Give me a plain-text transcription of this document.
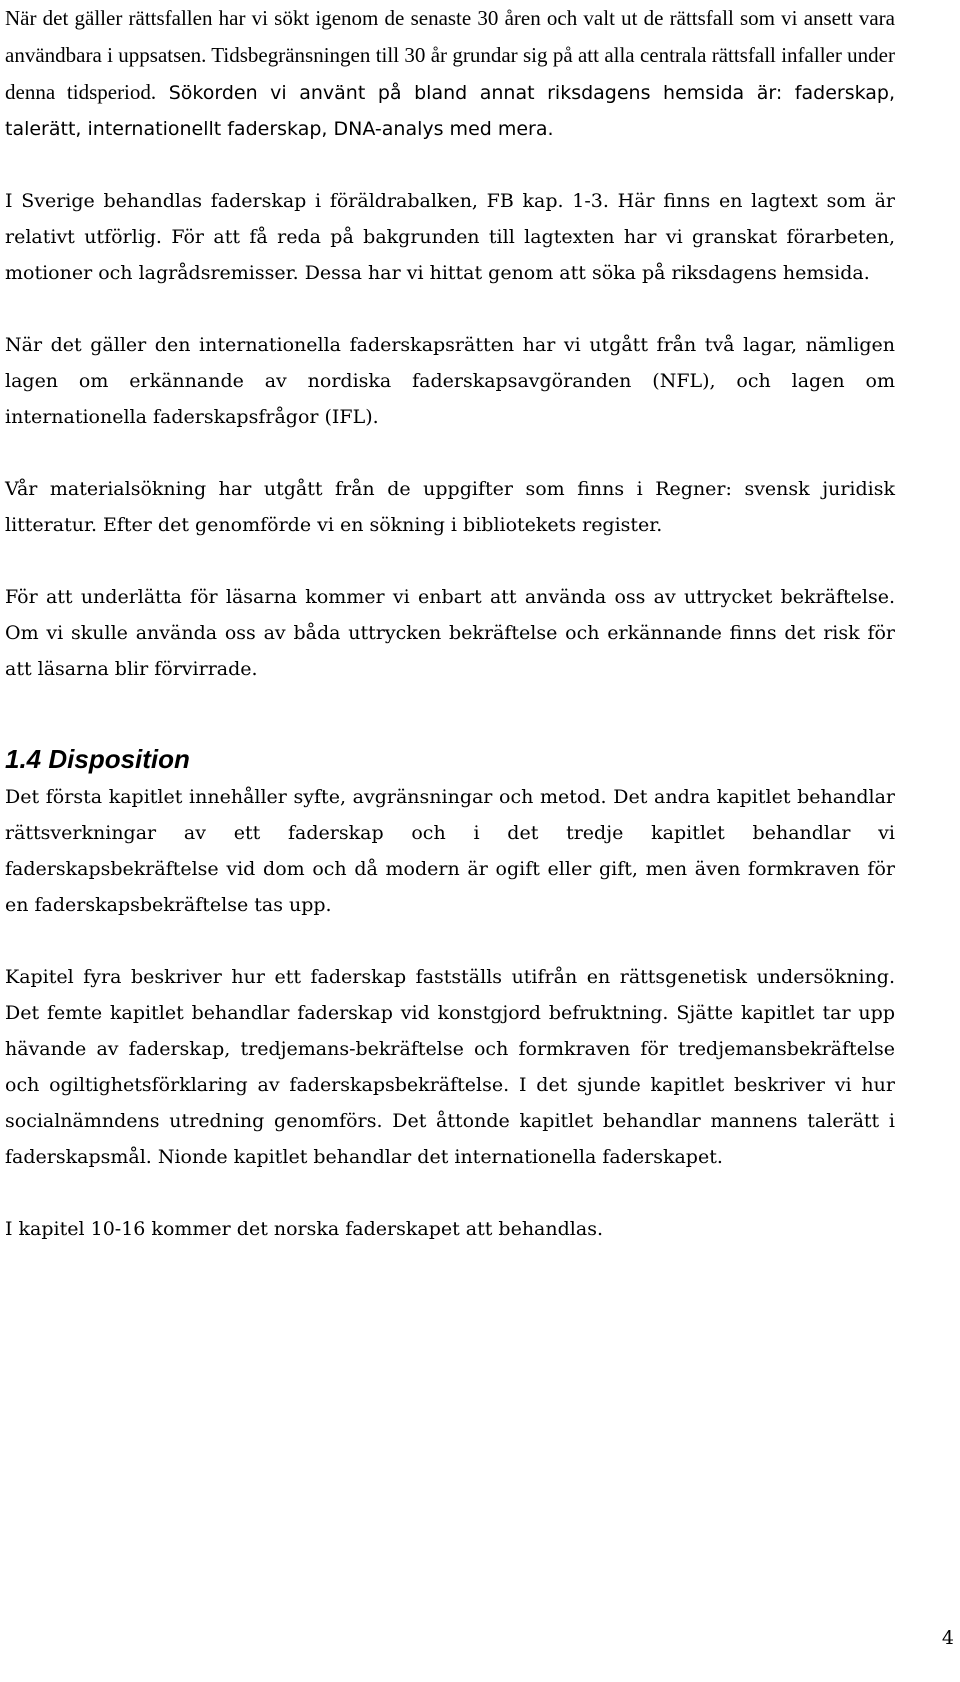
När det gäller rättsfallen har vi sökt igenom de senaste 30 åren och valt ut de rättsfall som vi ansett vara användbara i uppsatsen. Tidsbegränsningen till 30 år grundar sig på att alla centrala rättsfall infaller under denna tidsperiod. Sökorden vi använt på bland annat riksdagens hemsida är: faderskap, talerätt, internationellt faderskap, DNA-analys med mera.

I Sverige behandlas faderskap i föräldrabalken, FB kap. 1-3. Här finns en lagtext som är relativt utförlig. För att få reda på bakgrunden till lagtexten har vi granskat förarbeten, motioner och lagrådsremisser. Dessa har vi hittat genom att söka på riksdagens hemsida.

När det gäller den internationella faderskapsrätten har vi utgått från två lagar, nämligen lagen om erkännande av nordiska faderskapsavgöranden (NFL), och lagen om internationella faderskapsfrågor (IFL).

Vår materialsökning har utgått från de uppgifter som finns i Regner: svensk juridisk litteratur. Efter det genomförde vi en sökning i bibliotekets register.

För att underlätta för läsarna kommer vi enbart att använda oss av uttrycket bekräftelse. Om vi skulle använda oss av båda uttrycken bekräftelse och erkännande finns det risk för att läsarna blir förvirrade.

1.4 Disposition

Det första kapitlet innehåller syfte, avgränsningar och metod. Det andra kapitlet behandlar rättsverkningar av ett faderskap och i det tredje kapitlet behandlar vi faderskapsbekräftelse vid dom och då modern är ogift eller gift, men även formkraven för en faderskapsbekräftelse tas upp.

Kapitel fyra beskriver hur ett faderskap fastställs utifrån en rättsgenetisk undersökning. Det femte kapitlet behandlar faderskap vid konstgjord befruktning. Sjätte kapitlet tar upp hävande av faderskap, tredjemans-bekräftelse och formkraven för tredjemansbekräftelse och ogiltighetsförklaring av faderskapsbekräftelse. I det sjunde kapitlet beskriver vi hur socialnämndens utredning genomförs. Det åttonde kapitlet behandlar mannens talerätt i faderskapsmål. Nionde kapitlet behandlar det internationella faderskapet.

I kapitel 10-16 kommer det norska faderskapet att behandlas.

4
